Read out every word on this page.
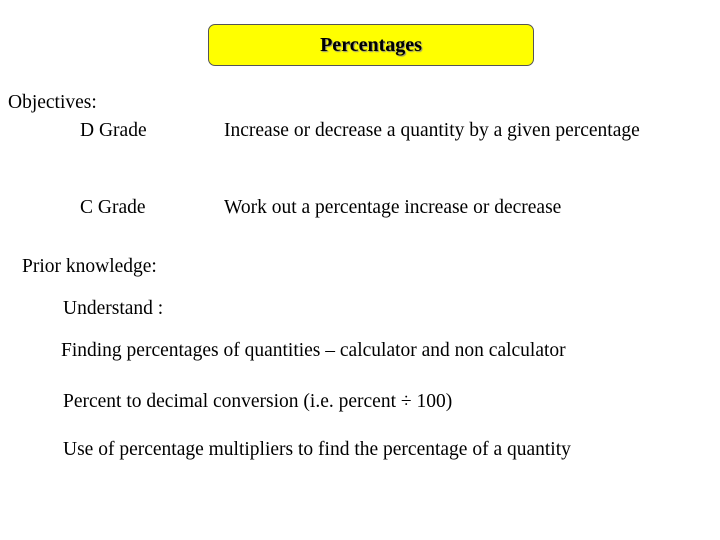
Percentages
Objectives:
D Grade	Increase or decrease a quantity by a given percentage
C Grade	Work out a percentage increase or decrease
Prior knowledge:
Understand :
Finding percentages of quantities – calculator and non calculator
Percent to decimal conversion (i.e. percent ÷ 100)
Use of percentage multipliers to find the percentage of a quantity
